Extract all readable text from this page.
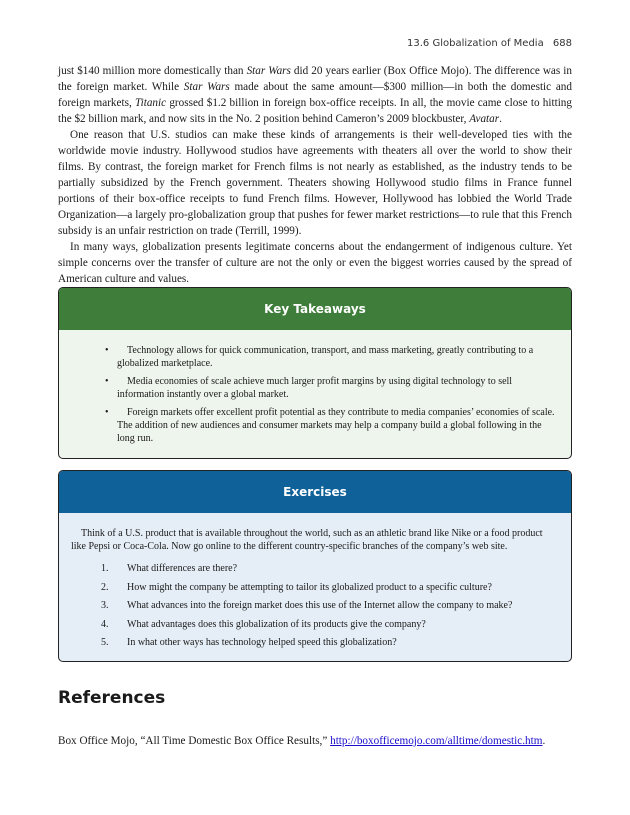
13.6 Globalization of Media 688

just $140 million more domestically than Star Wars did 20 years earlier (Box Office Mojo). The difference was in the foreign market. While Star Wars made about the same amount—$300 million—in both the domestic and foreign markets, Titanic grossed $1.2 billion in foreign box-office receipts. In all, the movie came close to hitting the $2 billion mark, and now sits in the No. 2 position behind Cameron’s 2009 blockbuster, Avatar.

One reason that U.S. studios can make these kinds of arrangements is their well-developed ties with the worldwide movie industry. Hollywood studios have agreements with theaters all over the world to show their films. By contrast, the foreign market for French films is not nearly as established, as the industry tends to be partially subsidized by the French government. Theaters showing Hollywood studio films in France funnel portions of their box-office receipts to fund French films. However, Hollywood has lobbied the World Trade Organization—a largely pro-globalization group that pushes for fewer market restrictions—to rule that this French subsidy is an unfair restriction on trade (Terrill, 1999).

In many ways, globalization presents legitimate concerns about the endangerment of indigenous culture. Yet simple concerns over the transfer of culture are not the only or even the biggest worries caused by the spread of American culture and values.

Key Takeaways
• Technology allows for quick communication, transport, and mass marketing, greatly contributing to a globalized marketplace.
• Media economies of scale achieve much larger profit margins by using digital technology to sell information instantly over a global market.
• Foreign markets offer excellent profit potential as they contribute to media companies’ economies of scale. The addition of new audiences and consumer markets may help a company build a global following in the long run.
Exercises

Think of a U.S. product that is available throughout the world, such as an athletic brand like Nike or a food product like Pepsi or Coca-Cola. Now go online to the different country-specific branches of the company’s web site.

1.	What differences are there?
2.	How might the company be attempting to tailor its globalized product to a specific culture?
3.	What advances into the foreign market does this use of the Internet allow the company to make?
4.	What advantages does this globalization of its products give the company?
5.	In what other ways has technology helped speed this globalization?
References
Box Office Mojo, “All Time Domestic Box Office Results,” http://boxofficemojo.com/alltime/domestic.htm.
